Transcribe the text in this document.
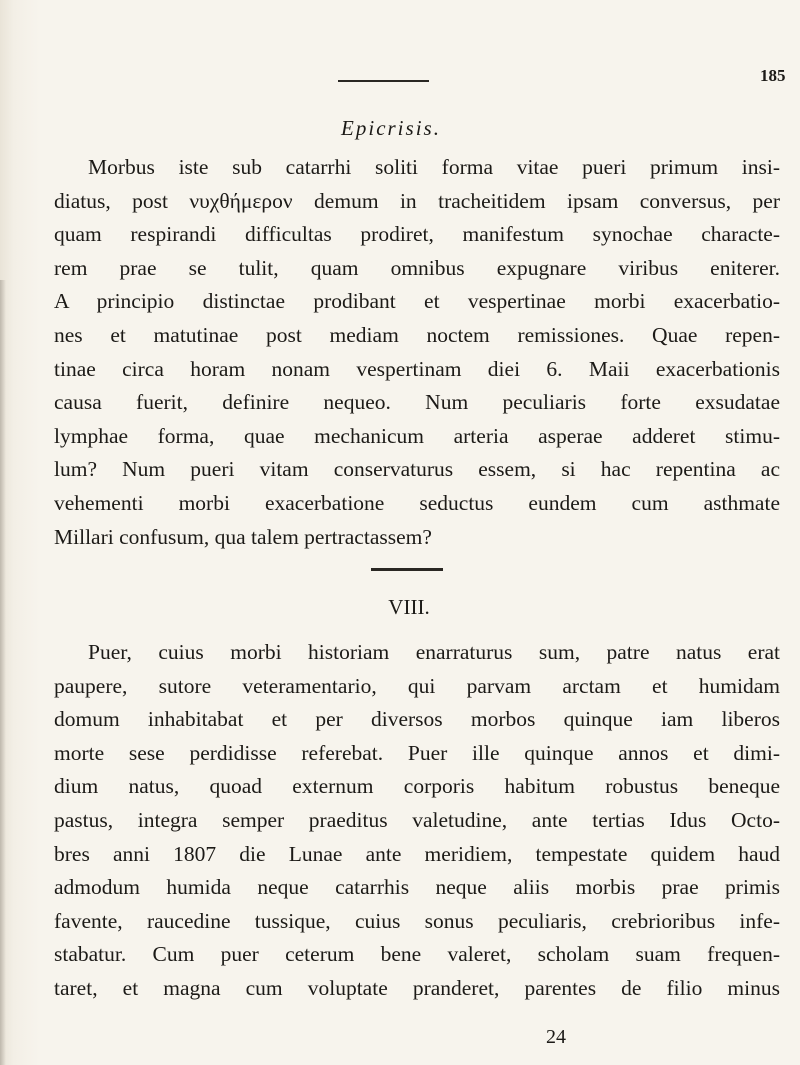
185
Epicrisis.
Morbus iste sub catarrhi soliti forma vitae pueri primum insi-
diatus, post νυχθήμερον demum in tracheitidem ipsam conversus, per
quam respirandi difficultas prodiret, manifestum synochae characte-
rem prae se tulit, quam omnibus expugnare viribus eniterer.
A principio distinctae prodibant et vespertinae morbi exacerbatio-
nes et matutinae post mediam noctem remissiones. Quae repen-
tinae circa horam nonam vespertinam diei 6. Maii exacerbationis
causa fuerit, definire nequeo. Num peculiaris forte exsudatae
lymphae forma, quae mechanicum arteria asperae adderet stimu-
lum? Num pueri vitam conservaturus essem, si hac repentina ac
vehementi morbi exacerbatione seductus eundem cum asthmate
Millari confusum, qua talem pertractassem?
VIII.
Puer, cuius morbi historiam enarraturus sum, patre natus erat
paupere, sutore veteramentario, qui parvam arctam et humidam
domum inhabitabat et per diversos morbos quinque iam liberos
morte sese perdidisse referebat. Puer ille quinque annos et dimi-
dium natus, quoad externum corporis habitum robustus beneque
pastus, integra semper praeditus valetudine, ante tertias Idus Octo-
bres anni 1807 die Lunae ante meridiem, tempestate quidem haud
admodum humida neque catarrhis neque aliis morbis prae primis
favente, raucedine tussique, cuius sonus peculiaris, crebrioribus infe-
stabatur. Cum puer ceterum bene valeret, scholam suam frequen-
taret, et magna cum voluptate pranderet, parentes de filio minus
24
